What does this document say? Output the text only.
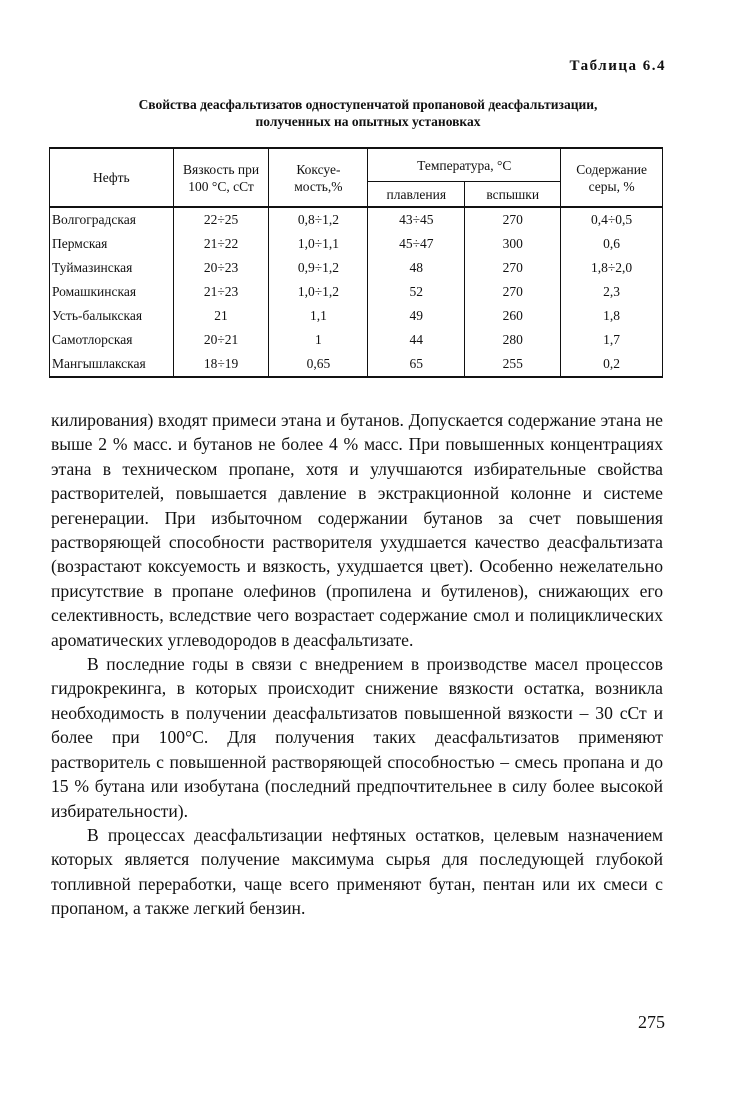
Таблица 6.4
Свойства деасфальтизатов одноступенчатой пропановой деасфальтизации,
полученных на опытных установках
Нефть	Вязкость при 100 °С, сСт	Коксуе-мость,%	Температура, °С		Содержание серы, %
			плавления	вспышки	
Волгоградская	22÷25	0,8÷1,2	43÷45	270	0,4÷0,5
Пермская	21÷22	1,0÷1,1	45÷47	300	0,6
Туймазинская	20÷23	0,9÷1,2	48	270	1,8÷2,0
Ромашкинская	21÷23	1,0÷1,2	52	270	2,3
Усть-балыкская	21	1,1	49	260	1,8
Самотлорская	20÷21	1	44	280	1,7
Мангышлакская	18÷19	0,65	65	255	0,2

килирования) входят примеси этана и бутанов. Допускается содержание этана не выше 2 % масс. и бутанов не более 4 % масс. При повышенных концентрациях этана в техническом пропане, хотя и улучшаются избирательные свойства растворителей, повышается давление в экстракционной колонне и системе регенерации. При избыточном содержании бутанов за счет повышения растворяющей способности растворителя ухудшается качество деасфальтизата (возрастают коксуемость и вязкость, ухудшается цвет). Особенно нежелательно присутствие в пропане олефинов (пропилена и бутиленов), снижающих его селективность, вследствие чего возрастает содержание смол и полициклических ароматических углеводородов в деасфальтизате.

В последние годы в связи с внедрением в производстве масел процессов гидрокрекинга, в которых происходит снижение вязкости остатка, возникла необходимость в получении деасфальтизатов повышенной вязкости – 30 сСт и более при 100°С. Для получения таких деасфальтизатов применяют растворитель с повышенной растворяющей способностью – смесь пропана и до 15 % бутана или изобутана (последний предпочтительнее в силу более высокой избирательности).

В процессах деасфальтизации нефтяных остатков, целевым назначением которых является получение максимума сырья для последующей глубокой топливной переработки, чаще всего применяют бутан, пентан или их смеси с пропаном, а также легкий бензин.

275
